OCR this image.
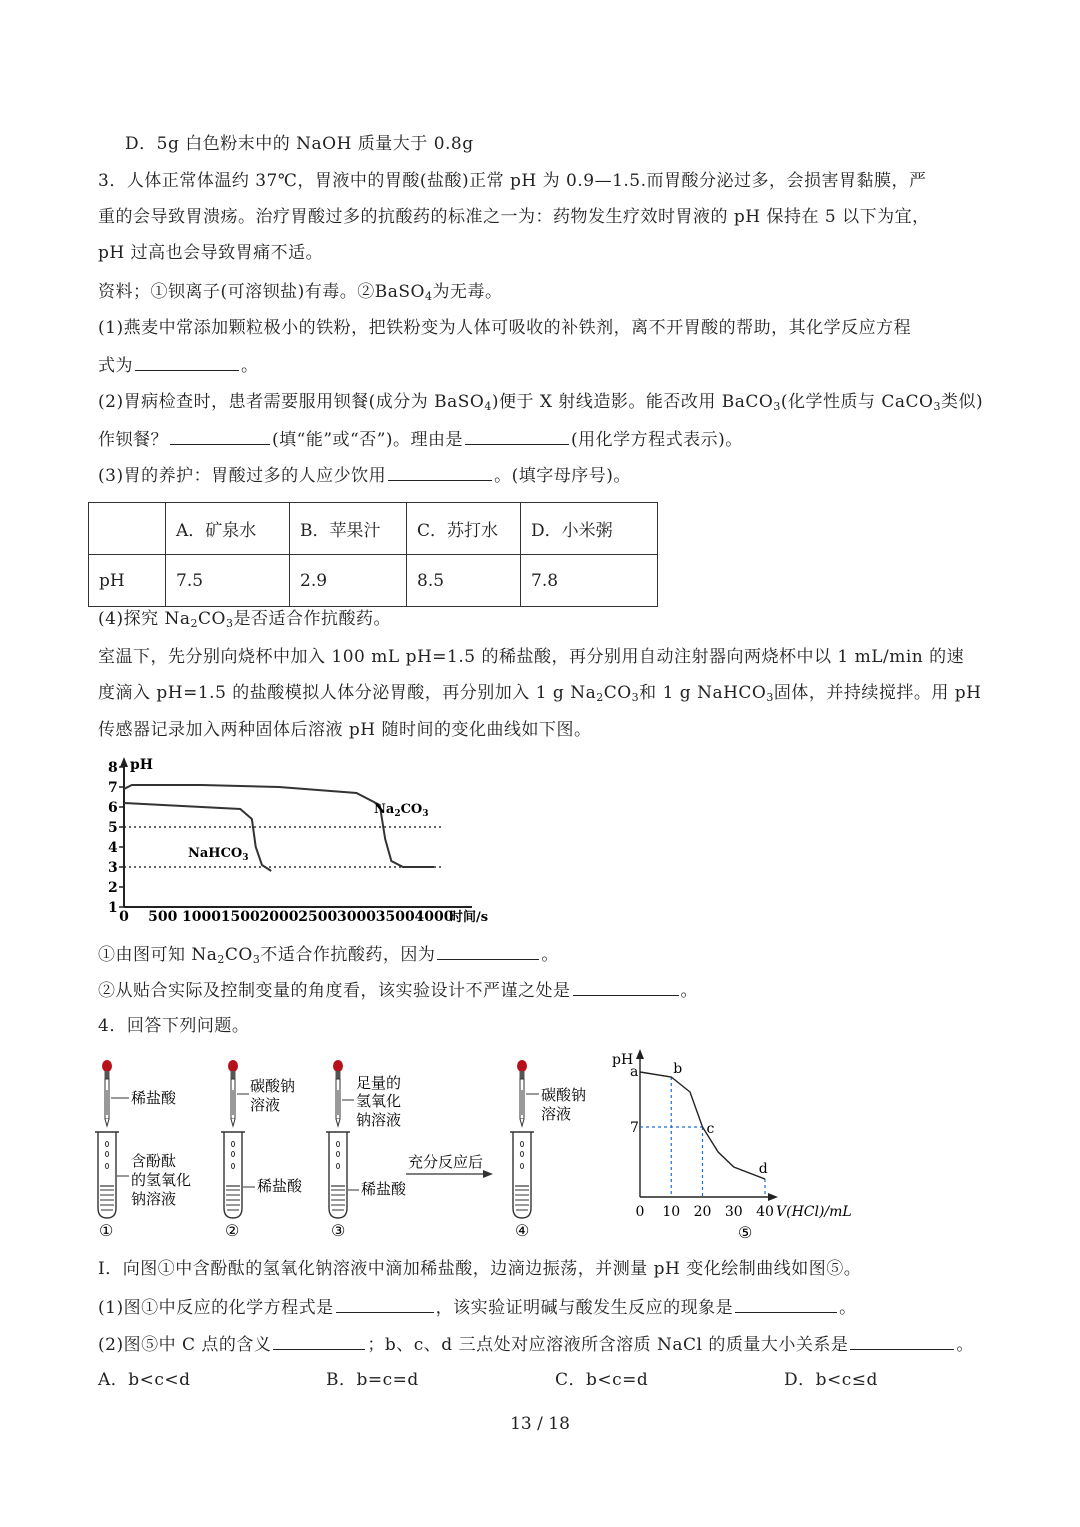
D．5g 白色粉末中的 NaOH 质量大于 0.8g
3．人体正常体温约 37℃，胃液中的胃酸(盐酸)正常 pH 为 0.9—1.5.而胃酸分泌过多，会损害胃黏膜，严
重的会导致胃溃疡。治疗胃酸过多的抗酸药的标准之一为：药物发生疗效时胃液的 pH 保持在 5 以下为宜，
pH 过高也会导致胃痛不适。
资料；①钡离子(可溶钡盐)有毒。②BaSO$_4$为无毒。
(1)燕麦中常添加颗粒极小的铁粉，把铁粉变为人体可吸收的补铁剂，离不开胃酸的帮助，其化学反应方程
式为	。
(2)胃病检查时，患者需要服用钡餐(成分为 BaSO$_4$)便于 X 射线造影。能否改用 BaCO$_3$(化学性质与 CaCO$_3$类似)
作钡餐？	(填“能”或“否”)。理由是	(用化学方程式表示)。
(3)胃的养护：胃酸过多的人应少饮用	。(填字母序号)。
	A．矿泉水	B．苹果汁	C．苏打水	D．小米粥
pH	7.5	2.9	8.5	7.8
(4)探究 $Na_2CO_3$是否适合作抗酸药。
室温下，先分别向烧杯中加入 100 mL pH=1.5 的稀盐酸，再分别用自动注射器向两烧杯中以 1 mL/min 的速
度滴入 pH=1.5 的盐酸模拟人体分泌胃酸，再分别加入 1 g $Na_2CO_3$和 1 g NaHCO$_3$固体，并持续搅拌。用 pH
传感器记录加入两种固体后溶液 pH 随时间的变化曲线如下图。
pH
1
2
3
4
5
6
7
8
0 500 1000 1500 2000 2500 3000 3500 4000
时间/s
$Na_2CO_3$
NaHCO$_3$
①由图可知 $Na_2CO_3$不适合作抗酸药，因为	。
②从贴合实际及控制变量的角度看，该实验设计不严谨之处是	。
4．回答下列问题。
稀盐酸
含酚酞
的氢氧化
钠溶液
①
碳酸钠
溶液
稀盐酸
②
足量的
氢氧化
钠溶液
稀盐酸
③
充分反应后
碳酸钠
溶液
④
pH
7
a b
c
d
0 10 20 30 40 V(HCl)/mL
⑤
Ⅰ．向图①中含酚酞的氢氧化钠溶液中滴加稀盐酸，边滴边振荡，并测量 pH 变化绘制曲线如图⑤。
(1)图①中反应的化学方程式是	，该实验证明碱与酸发生反应的现象是	。
(2)图⑤中 C 点的含义	；b、c、d 三点处对应溶液所含溶质 NaCl 的质量大小关系是	。
A．b<c<d	B．b=c=d	C．b<c=d	D．b<c≤d
13 / 18
